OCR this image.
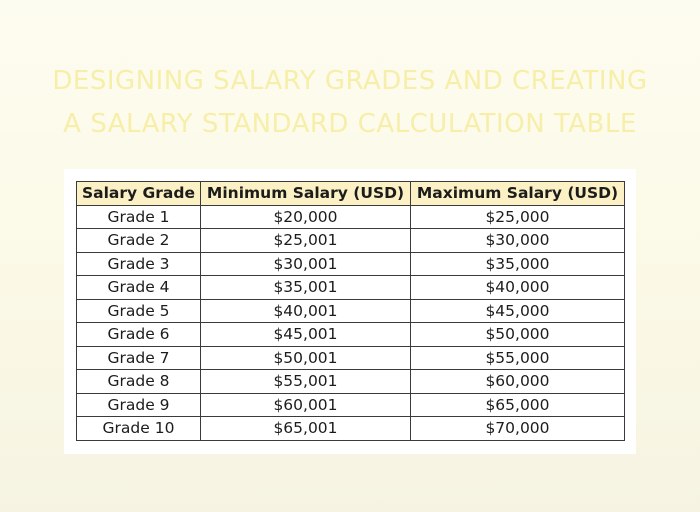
DESIGNING SALARY GRADES AND CREATING
A SALARY STANDARD CALCULATION TABLE
Salary Grade	Minimum Salary (USD)	Maximum Salary (USD)
Grade 1	$20,000	$25,000
Grade 2	$25,001	$30,000
Grade 3	$30,001	$35,000
Grade 4	$35,001	$40,000
Grade 5	$40,001	$45,000
Grade 6	$45,001	$50,000
Grade 7	$50,001	$55,000
Grade 8	$55,001	$60,000
Grade 9	$60,001	$65,000
Grade 10	$65,001	$70,000
